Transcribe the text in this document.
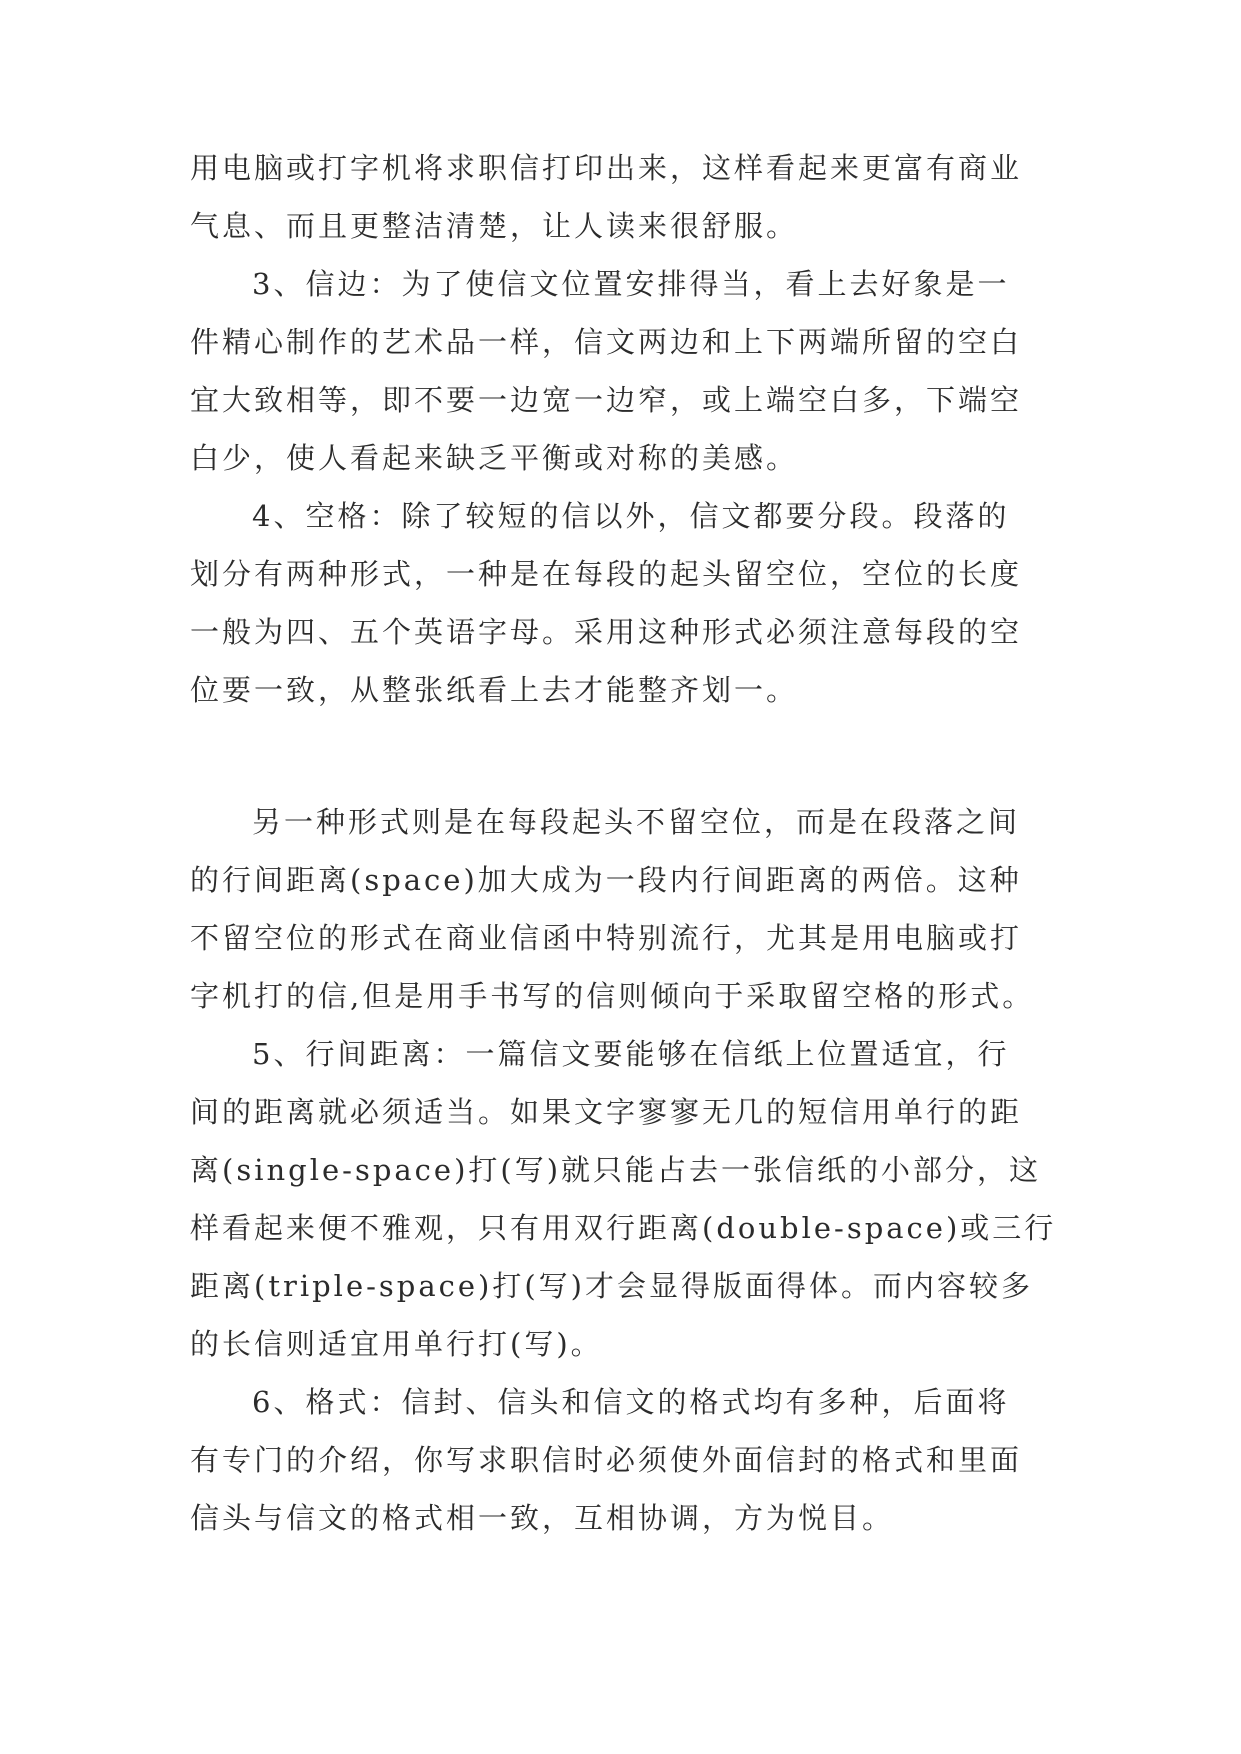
用电脑或打字机将求职信打印出来，这样看起来更富有商业
气息、而且更整洁清楚，让人读来很舒服。
3、信边：为了使信文位置安排得当，看上去好象是一
件精心制作的艺术品一样，信文两边和上下两端所留的空白
宜大致相等，即不要一边宽一边窄，或上端空白多，下端空
白少，使人看起来缺乏平衡或对称的美感。
4、空格：除了较短的信以外，信文都要分段。段落的
划分有两种形式，一种是在每段的起头留空位，空位的长度
一般为四、五个英语字母。采用这种形式必须注意每段的空
位要一致，从整张纸看上去才能整齐划一。
另一种形式则是在每段起头不留空位，而是在段落之间
的行间距离(space)加大成为一段内行间距离的两倍。这种
不留空位的形式在商业信函中特别流行，尤其是用电脑或打
字机打的信,但是用手书写的信则倾向于采取留空格的形式。
5、行间距离：一篇信文要能够在信纸上位置适宜，行
间的距离就必须适当。如果文字寥寥无几的短信用单行的距
离(single-space)打(写)就只能占去一张信纸的小部分，这
样看起来便不雅观，只有用双行距离(double-space)或三行
距离(triple-space)打(写)才会显得版面得体。而内容较多
的长信则适宜用单行打(写)。
6、格式：信封、信头和信文的格式均有多种，后面将
有专门的介绍，你写求职信时必须使外面信封的格式和里面
信头与信文的格式相一致，互相协调，方为悦目。
